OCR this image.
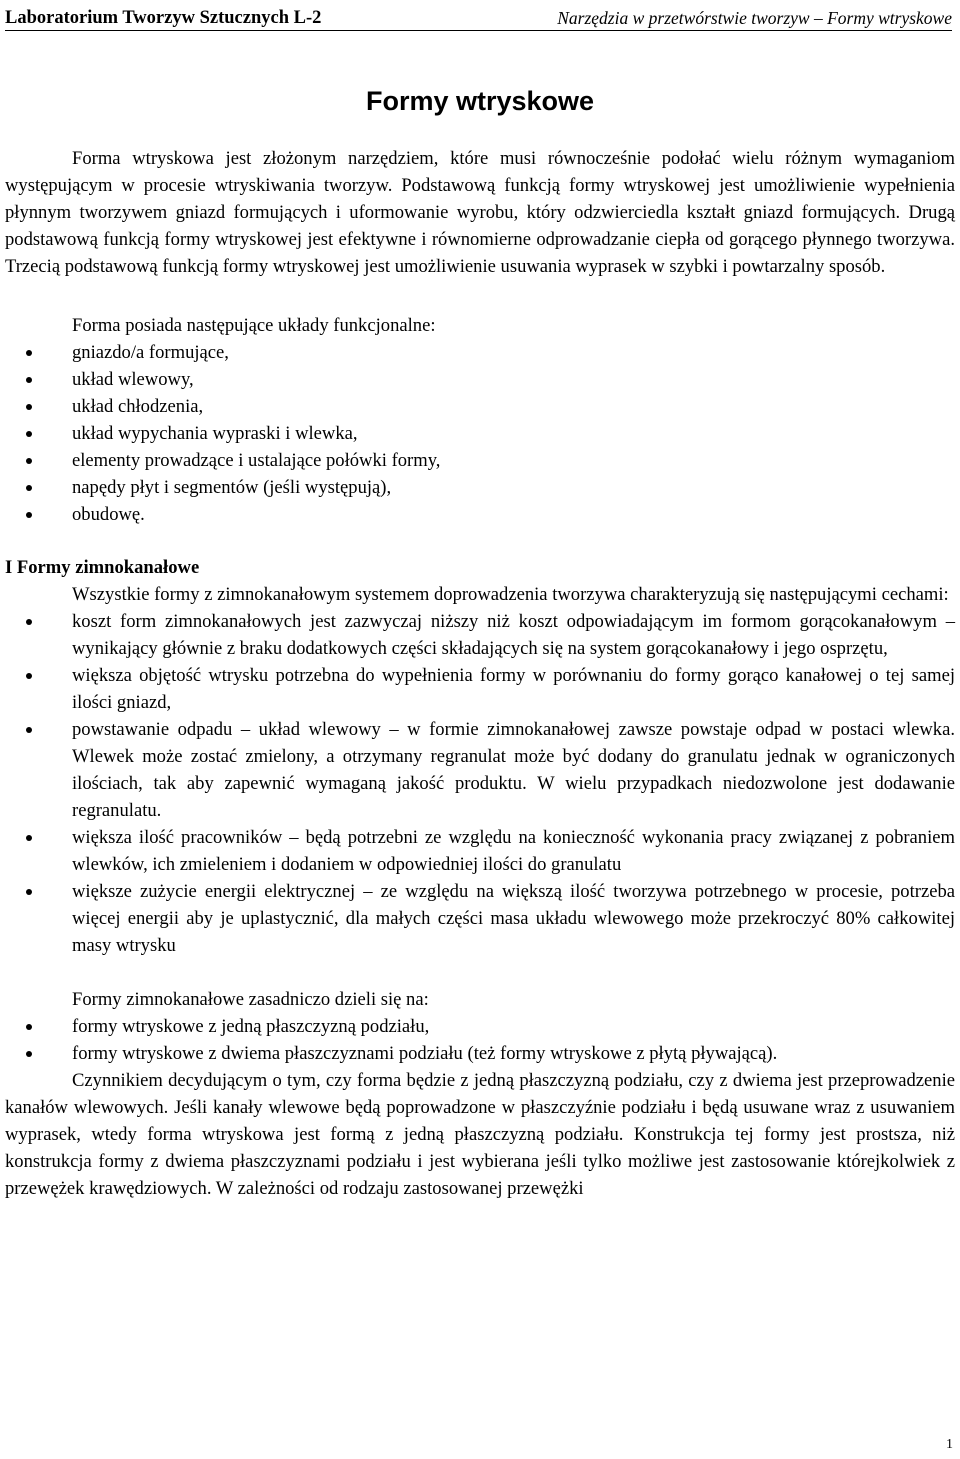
Laboratorium Tworzyw Sztucznych L-2	Narzędzia w przetwórstwie tworzyw – Formy wtryskowe
Formy wtryskowe

Forma wtryskowa jest złożonym narzędziem, które musi równocześnie podołać wielu różnym wymaganiom występującym w procesie wtryskiwania tworzyw. Podstawową funkcją formy wtryskowej jest umożliwienie wypełnienia płynnym tworzywem gniazd formujących i uformowanie wyrobu, który odzwierciedla kształt gniazd formujących. Drugą podstawową funkcją formy wtryskowej jest efektywne i równomierne odprowadzanie ciepła od gorącego płynnego tworzywa. Trzecią podstawową funkcją formy wtryskowej jest umożliwienie usuwania wyprasek w szybki i powtarzalny sposób.

Forma posiada następujące układy funkcjonalne:

gniazdo/a formujące,
układ wlewowy,
układ chłodzenia,
układ wypychania wypraski i wlewka,
elementy prowadzące i ustalające połówki formy,
napędy płyt i segmentów (jeśli występują),
obudowę.

I Formy zimnokanałowe

Wszystkie formy z zimnokanałowym systemem doprowadzenia tworzywa charakteryzują się następującymi cechami:

koszt form zimnokanałowych jest zazwyczaj niższy niż koszt odpowiadającym im formom gorącokanałowym – wynikający głównie z braku dodatkowych części składających się na system gorącokanałowy i jego osprzętu,
większa objętość wtrysku potrzebna do wypełnienia formy w porównaniu do formy gorąco kanałowej o tej samej ilości gniazd,
powstawanie odpadu – układ wlewowy – w formie zimnokanałowej zawsze powstaje odpad w postaci wlewka. Wlewek może zostać zmielony, a otrzymany regranulat może być dodany do granulatu jednak w ograniczonych ilościach, tak aby zapewnić wymaganą jakość produktu. W wielu przypadkach niedozwolone jest dodawanie regranulatu.
większa ilość pracowników – będą potrzebni ze względu na konieczność wykonania pracy związanej z pobraniem wlewków, ich zmieleniem i dodaniem w odpowiedniej ilości do granulatu
większe zużycie energii elektrycznej – ze względu na większą ilość tworzywa potrzebnego w procesie, potrzeba więcej energii aby je uplastycznić, dla małych części masa układu wlewowego może przekroczyć 80% całkowitej masy wtrysku

Formy zimnokanałowe zasadniczo dzieli się na:

formy wtryskowe z jedną płaszczyzną podziału,
formy wtryskowe z dwiema płaszczyznami podziału (też formy wtryskowe z płytą pływającą).

Czynnikiem decydującym o tym, czy forma będzie z jedną płaszczyzną podziału, czy z dwiema jest przeprowadzenie kanałów wlewowych. Jeśli kanały wlewowe będą poprowadzone w płaszczyźnie podziału i będą usuwane wraz z usuwaniem wyprasek, wtedy forma wtryskowa jest formą z jedną płaszczyzną podziału. Konstrukcja tej formy jest prostsza, niż konstrukcja formy z dwiema płaszczyznami podziału i jest wybierana jeśli tylko możliwe jest zastosowanie którejkolwiek z przewężek krawędziowych. W zależności od rodzaju zastosowanej przewężki

1
